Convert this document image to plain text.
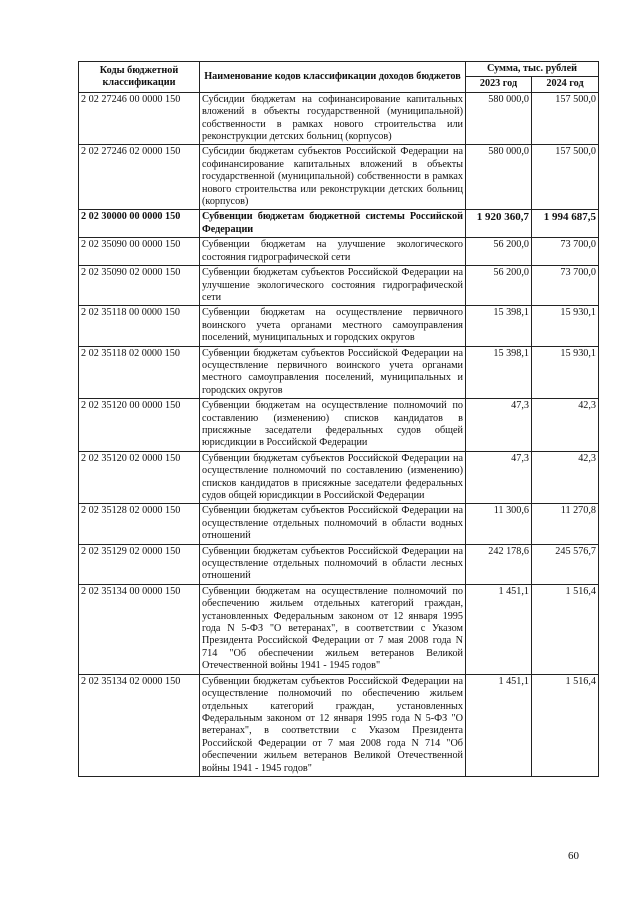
Коды бюджетной классификации	Наименование кодов классификации доходов бюджетов	Сумма, тыс. рублей	
		2023 год	2024 год
2 02 27246 00 0000 150	Субсидии бюджетам на софинансирование капитальных вложений в объекты государственной (муниципальной) собственности в рамках нового строительства или реконструкции детских больниц (корпусов)	580 000,0	157 500,0
2 02 27246 02 0000 150	Субсидии бюджетам субъектов Российской Федерации на софинансирование капитальных вложений в объекты государственной (муниципальной) собственности в рамках нового строительства или реконструкции детских больниц (корпусов)	580 000,0	157 500,0
2 02 30000 00 0000 150	Субвенции бюджетам бюджетной системы Российской Федерации	1 920 360,7	1 994 687,5
2 02 35090 00 0000 150	Субвенции бюджетам на улучшение экологического состояния гидрографической сети	56 200,0	73 700,0
2 02 35090 02 0000 150	Субвенции бюджетам субъектов Российской Федерации на улучшение экологического состояния гидрографической сети	56 200,0	73 700,0
2 02 35118 00 0000 150	Субвенции бюджетам на осуществление первичного воинского учета органами местного самоуправления поселений, муниципальных и городских округов	15 398,1	15 930,1
2 02 35118 02 0000 150	Субвенции бюджетам субъектов Российской Федерации на осуществление первичного воинского учета органами местного самоуправления поселений, муниципальных и городских округов	15 398,1	15 930,1
2 02 35120 00 0000 150	Субвенции бюджетам на осуществление полномочий по составлению (изменению) списков кандидатов в присяжные заседатели федеральных судов общей юрисдикции в Российской Федерации	47,3	42,3
2 02 35120 02 0000 150	Субвенции бюджетам субъектов Российской Федерации на осуществление полномочий по составлению (изменению) списков кандидатов в присяжные заседатели федеральных судов общей юрисдикции в Российской Федерации	47,3	42,3
2 02 35128 02 0000 150	Субвенции бюджетам субъектов Российской Федерации на осуществление отдельных полномочий в области водных отношений	11 300,6	11 270,8
2 02 35129 02 0000 150	Субвенции бюджетам субъектов Российской Федерации на осуществление отдельных полномочий в области лесных отношений	242 178,6	245 576,7
2 02 35134 00 0000 150	Субвенции бюджетам на осуществление полномочий по обеспечению жильем отдельных категорий граждан, установленных Федеральным законом от 12 января 1995 года N 5-ФЗ "О ветеранах", в соответствии с Указом Президента Российской Федерации от 7 мая 2008 года N 714 "Об обеспечении жильем ветеранов Великой Отечественной войны 1941 - 1945 годов"	1 451,1	1 516,4
2 02 35134 02 0000 150	Субвенции бюджетам субъектов Российской Федерации на осуществление полномочий по обеспечению жильем отдельных категорий граждан, установленных Федеральным законом от 12 января 1995 года N 5-ФЗ "О ветеранах", в соответствии с Указом Президента Российской Федерации от 7 мая 2008 года N 714 "Об обеспечении жильем ветеранов Великой Отечественной войны 1941 - 1945 годов"	1 451,1	1 516,4
60
